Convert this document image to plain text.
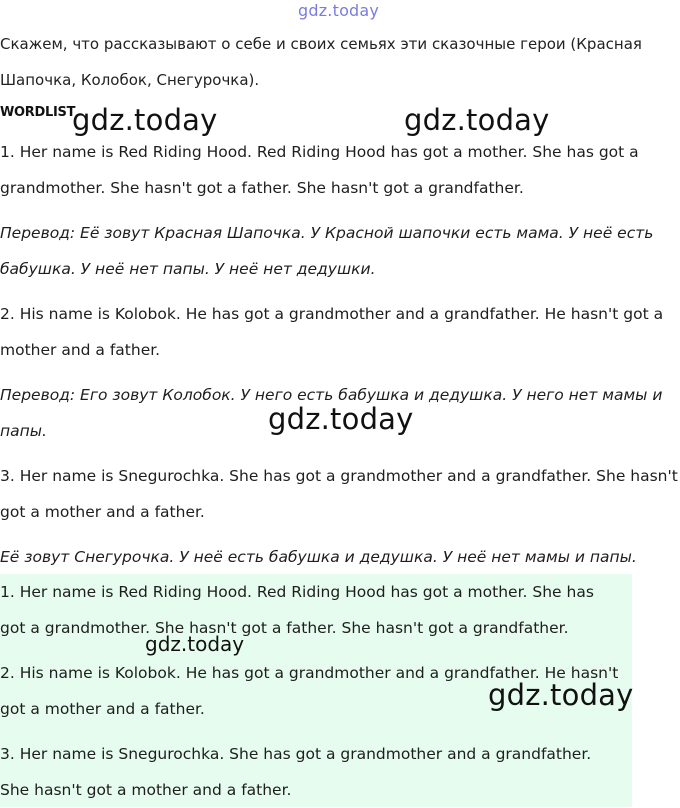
gdz.today
Скажем, что рассказывают о себе и своих семьях эти сказочные герои (Красная Шапочка, Колобок, Снегурочка).
WORDLIST
gdz.today	gdz.today
1. Her name is Red Riding Hood. Red Riding Hood has got a mother. She has got a grandmother. She hasn't got a father. She hasn't got a grandfather.
Перевод: Её зовут Красная Шапочка. У Красной шапочки есть мама. У неё есть бабушка. У неё нет папы. У неё нет дедушки.
2. His name is Kolobok. He has got a grandmother and a grandfather. He hasn't got a mother and a father.
Перевод: Его зовут Колобок. У него есть бабушка и дедушка. У него нет мамы и папы.	gdz.today
3. Her name is Snegurochka. She has got a grandmother and a grandfather. She hasn't got a mother and a father.
Её зовут Снегурочка. У неё есть бабушка и дедушка. У неё нет мамы и папы.
1. Her name is Red Riding Hood. Red Riding Hood has got a mother. She has got a grandmother. She hasn't got a father. She hasn't got a grandfather.
gdz.today
2. His name is Kolobok. He has got a grandmother and a grandfather. He hasn't got a mother and a father.	gdz.today
3. Her name is Snegurochka. She has got a grandmother and a grandfather. She hasn't got a mother and a father.
